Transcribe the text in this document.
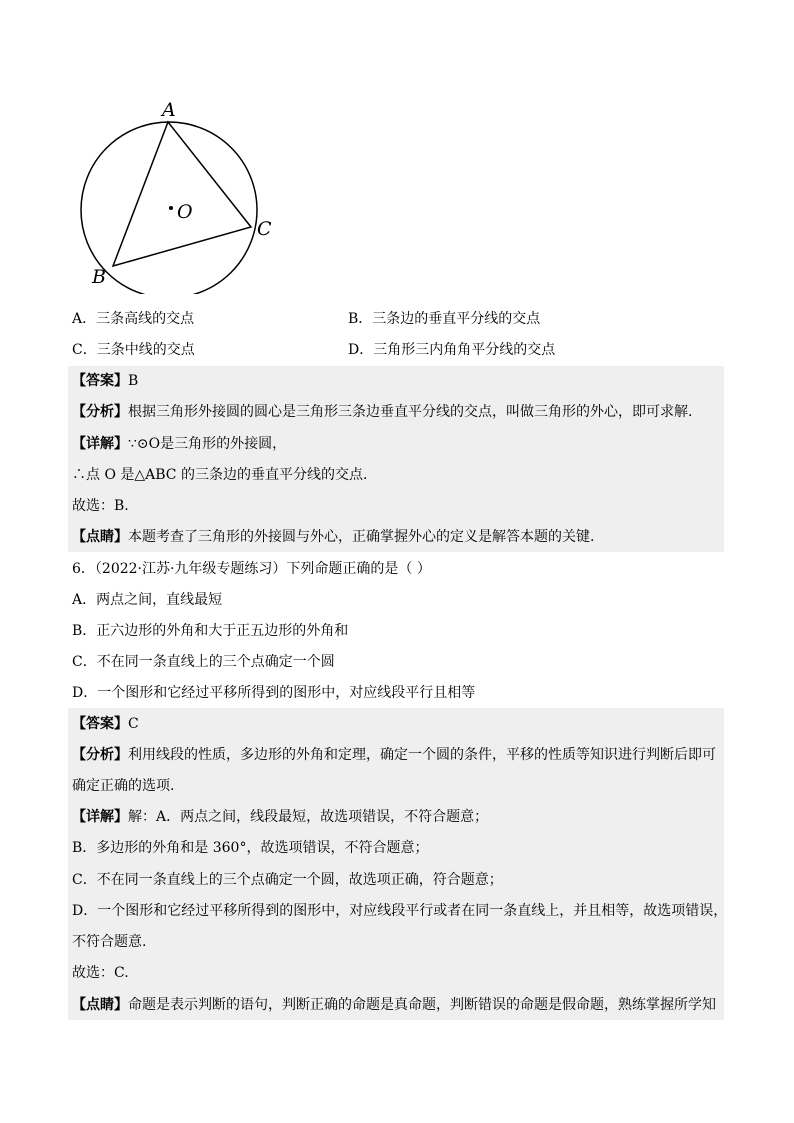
A
B
C
O
A．三条高线的交点	B．三条边的垂直平分线的交点
C．三条中线的交点	D．三角形三内角角平分线的交点
【答案】B
【分析】根据三角形外接圆的圆心是三角形三条边垂直平分线的交点，叫做三角形的外心，即可求解.
【详解】∵⊙O是三角形的外接圆，
∴点 O 是△ABC 的三条边的垂直平分线的交点.
故选：B.
【点睛】本题考查了三角形的外接圆与外心，正确掌握外心的定义是解答本题的关键.
6．（2022·江苏·九年级专题练习）下列命题正确的是（ ）
A．两点之间，直线最短
B．正六边形的外角和大于正五边形的外角和
C．不在同一条直线上的三个点确定一个圆
D．一个图形和它经过平移所得到的图形中，对应线段平行且相等
【答案】C
【分析】利用线段的性质，多边形的外角和定理，确定一个圆的条件，平移的性质等知识进行判断后即可
确定正确的选项.
【详解】解：A．两点之间，线段最短，故选项错误，不符合题意；
B．多边形的外角和是 360°，故选项错误，不符合题意；
C．不在同一条直线上的三个点确定一个圆，故选项正确，符合题意；
D．一个图形和它经过平移所得到的图形中，对应线段平行或者在同一条直线上，并且相等，故选项错误，
不符合题意.
故选：C.
【点睛】命题是表示判断的语句，判断正确的命题是真命题，判断错误的命题是假命题，熟练掌握所学知
